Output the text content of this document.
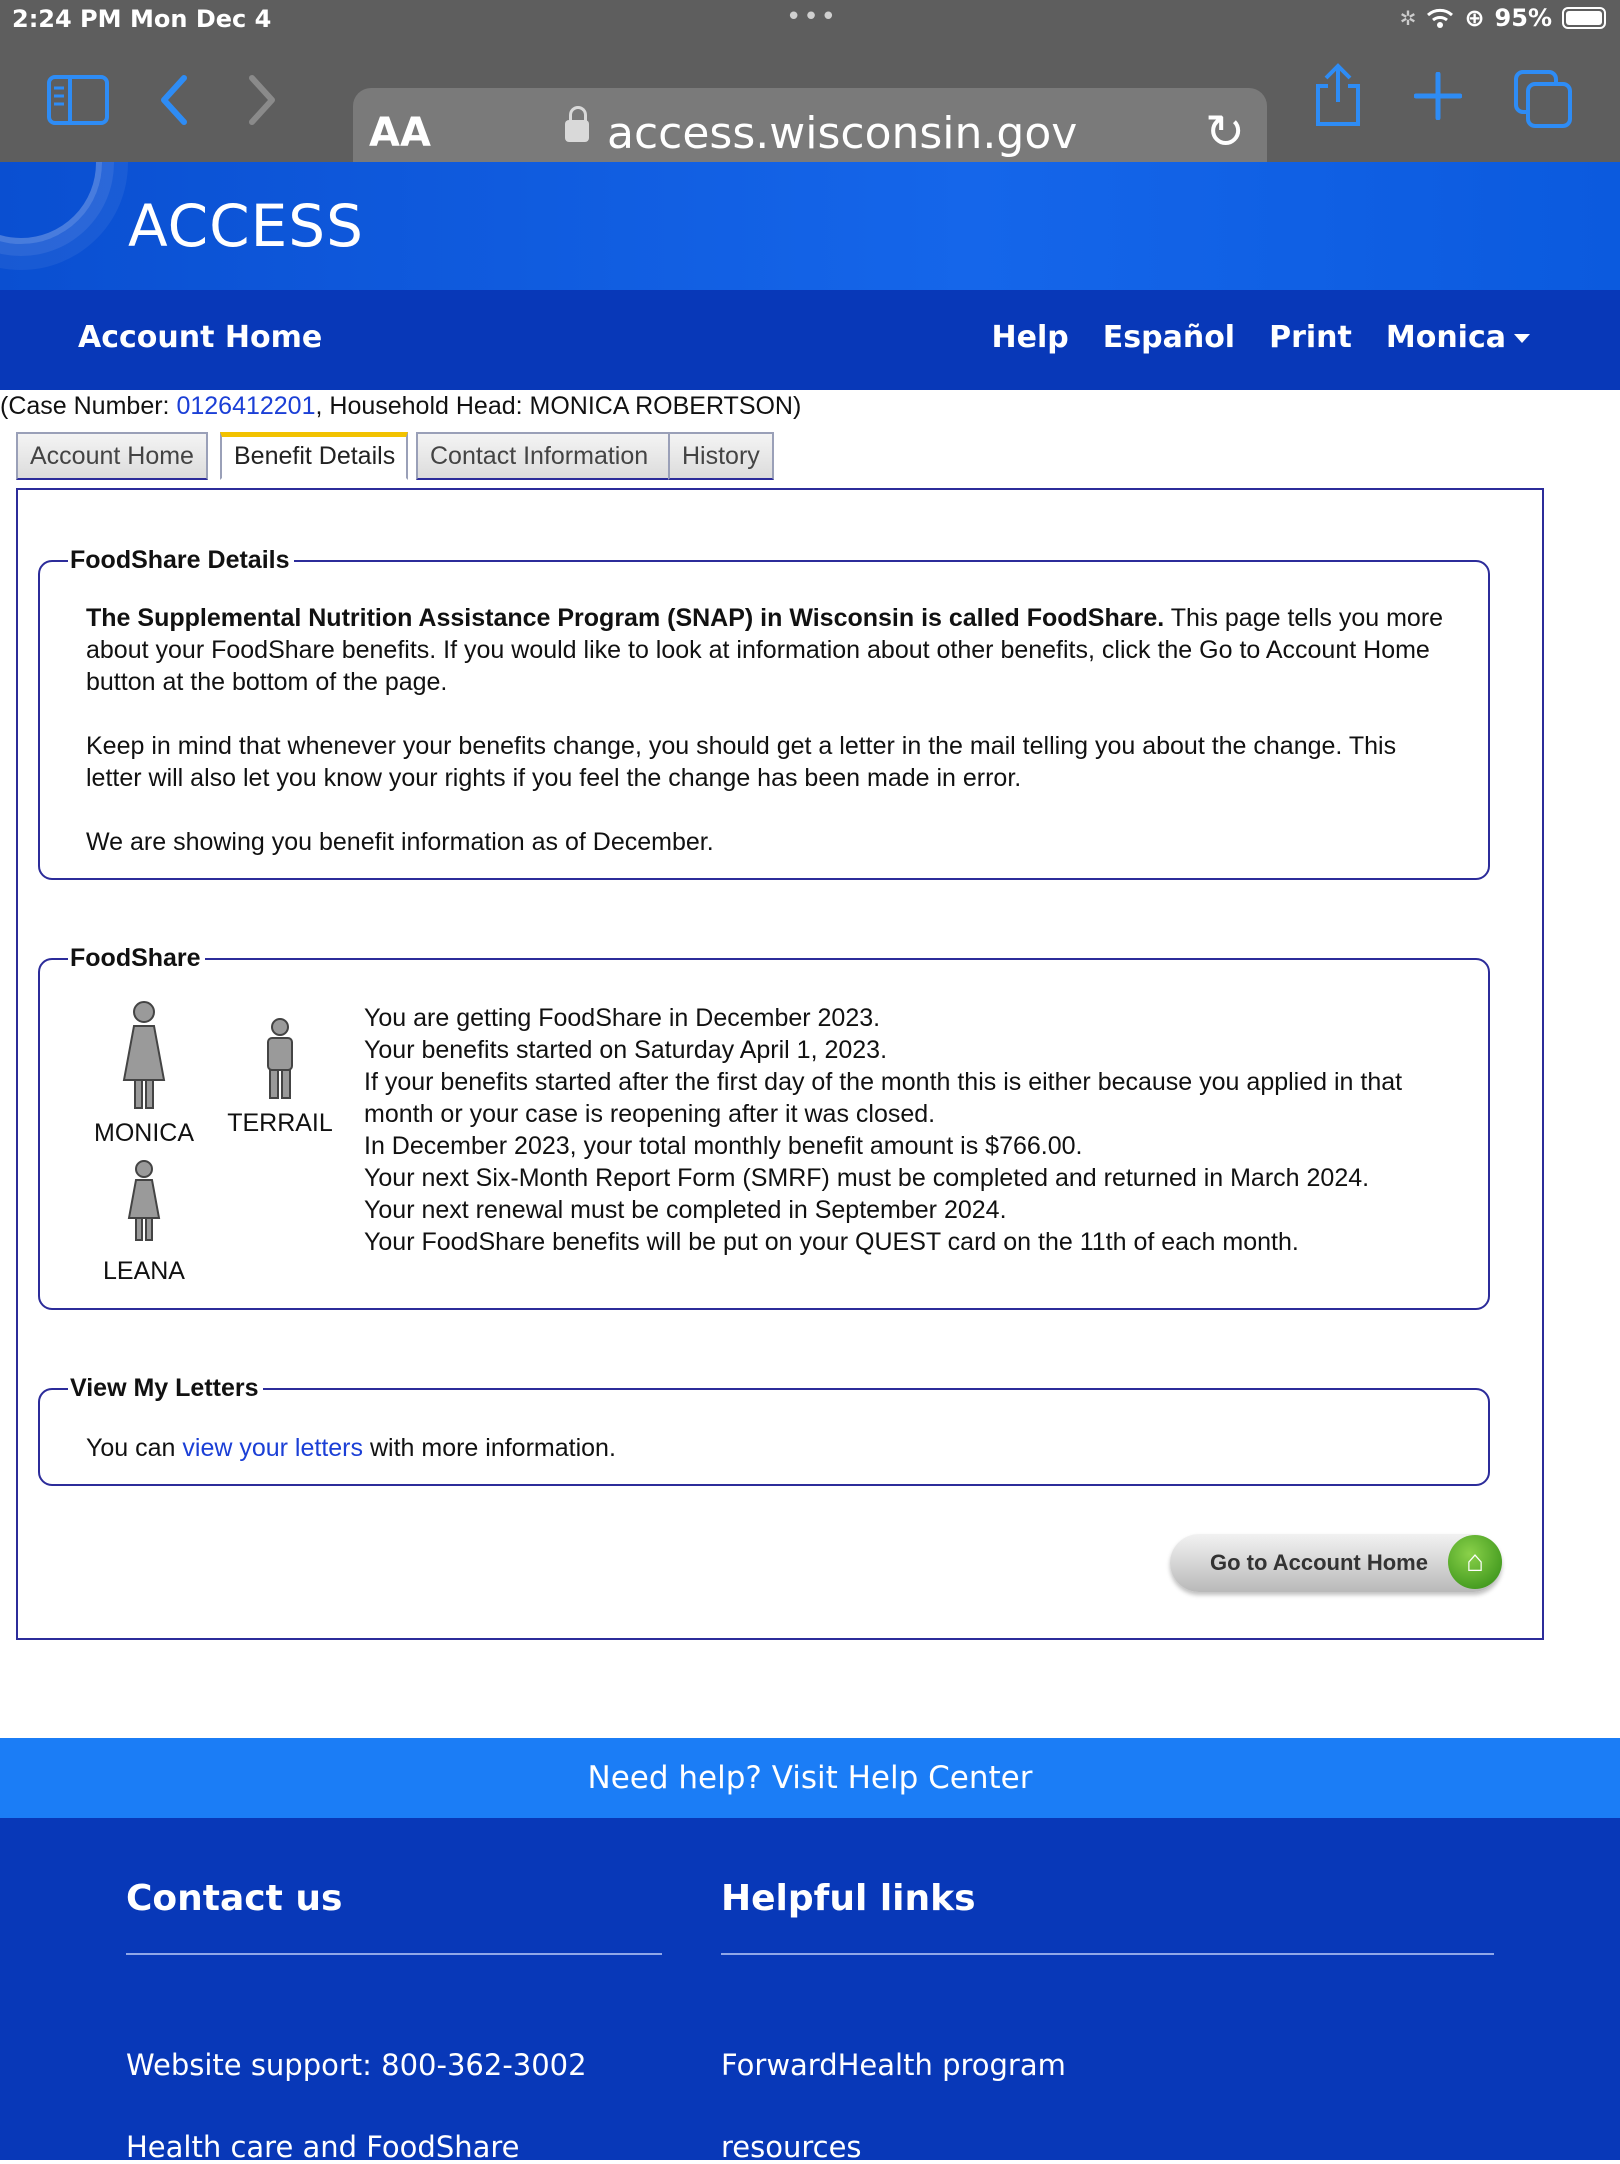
2:24 PM Mon Dec 4	•••	✲ ⊕ 95%
AA	access.wisconsin.gov	↻
ACCESS
Account Home	Help Español Print Monica
(Case Number: 0126412201, Household Head: MONICA ROBERTSON)
Account Home	Benefit Details	Contact Information	History
FoodShare Details

The Supplemental Nutrition Assistance Program (SNAP) in Wisconsin is called FoodShare. This page tells you more about your FoodShare benefits. If you would like to look at information about other benefits, click the Go to Account Home button at the bottom of the page.

Keep in mind that whenever your benefits change, you should get a letter in the mail telling you about the change. This letter will also let you know your rights if you feel the change has been made in error.

We are showing you benefit information as of December.

FoodShare
MONICA	TERRAIL
LEANA

You are getting FoodShare in December 2023.

Your benefits started on Saturday April 1, 2023.

If your benefits started after the first day of the month this is either because you applied in that month or your case is reopening after it was closed.

In December 2023, your total monthly benefit amount is $766.00.

Your next Six-Month Report Form (SMRF) must be completed and returned in March 2024.

Your next renewal must be completed in September 2024.

Your FoodShare benefits will be put on your QUEST card on the 11th of each month.

View My Letters

You can view your letters with more information.

Go to Account Home	⌂
Need help? Visit Help Center
Contact us
Website support: 800-362-3002
Health care and FoodShare
Helpful links
ForwardHealth program
resources
